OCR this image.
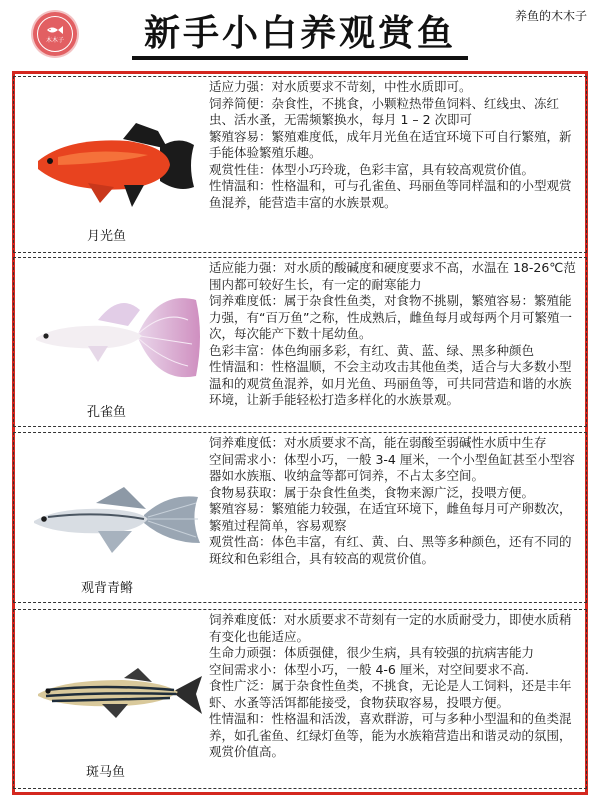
木木子	新手小白养观赏鱼	养鱼的木木子
月光鱼

适应力强：对水质要求不苛刻，中性水质即可。

饲养简便：杂食性，不挑食，小颗粒热带鱼饲料、红线虫、冻红虫、活水蚤，无需频繁换水，每月 1 – 2 次即可

繁殖容易：繁殖难度低，成年月光鱼在适宜环境下可自行繁殖，新手能体验繁殖乐趣。

观赏性佳：体型小巧玲珑，色彩丰富，具有较高观赏价值。

性情温和：性格温和，可与孔雀鱼、玛丽鱼等同样温和的小型观赏鱼混养，能营造丰富的水族景观。

孔雀鱼

适应能力强：对水质的酸碱度和硬度要求不高，水温在 18-26℃范围内都可较好生长，有一定的耐寒能力

饲养难度低：属于杂食性鱼类，对食物不挑剔，繁殖容易：繁殖能力强，有“百万鱼”之称，性成熟后，雌鱼每月或每两个月可繁殖一次，每次能产下数十尾幼鱼。

色彩丰富：体色绚丽多彩，有红、黄、蓝、绿、黑多种颜色

性情温和：性格温顺，不会主动攻击其他鱼类，适合与大多数小型温和的观赏鱼混养，如月光鱼、玛丽鱼等，可共同营造和谐的水族环境，让新手能轻松打造多样化的水族景观。

观背青鳉

饲养难度低：对水质要求不高，能在弱酸至弱碱性水质中生存

空间需求小：体型小巧，一般 3-4 厘米，一个小型鱼缸甚至小型容器如水族瓶、收纳盒等都可饲养，不占太多空间。

食物易获取：属于杂食性鱼类，食物来源广泛，投喂方便。

繁殖容易：繁殖能力较强，在适宜环境下，雌鱼每月可产卵数次，繁殖过程简单，容易观察

观赏性高：体色丰富，有红、黄、白、黑等多种颜色，还有不同的斑纹和色彩组合，具有较高的观赏价值。

斑马鱼

饲养难度低：对水质要求不苛刻有一定的水质耐受力，即使水质稍有变化也能适应。

生命力顽强：体质强健，很少生病，具有较强的抗病害能力

空间需求小：体型小巧，一般 4-6 厘米，对空间要求不高.

食性广泛：属于杂食性鱼类，不挑食，无论是人工饲料，还是丰年虾、水蚤等活饵都能接受，食物获取容易，投喂方便。

性情温和：性格温和活泼，喜欢群游，可与多种小型温和的鱼类混养，如孔雀鱼、红绿灯鱼等，能为水族箱营造出和谐灵动的氛围，观赏价值高。
